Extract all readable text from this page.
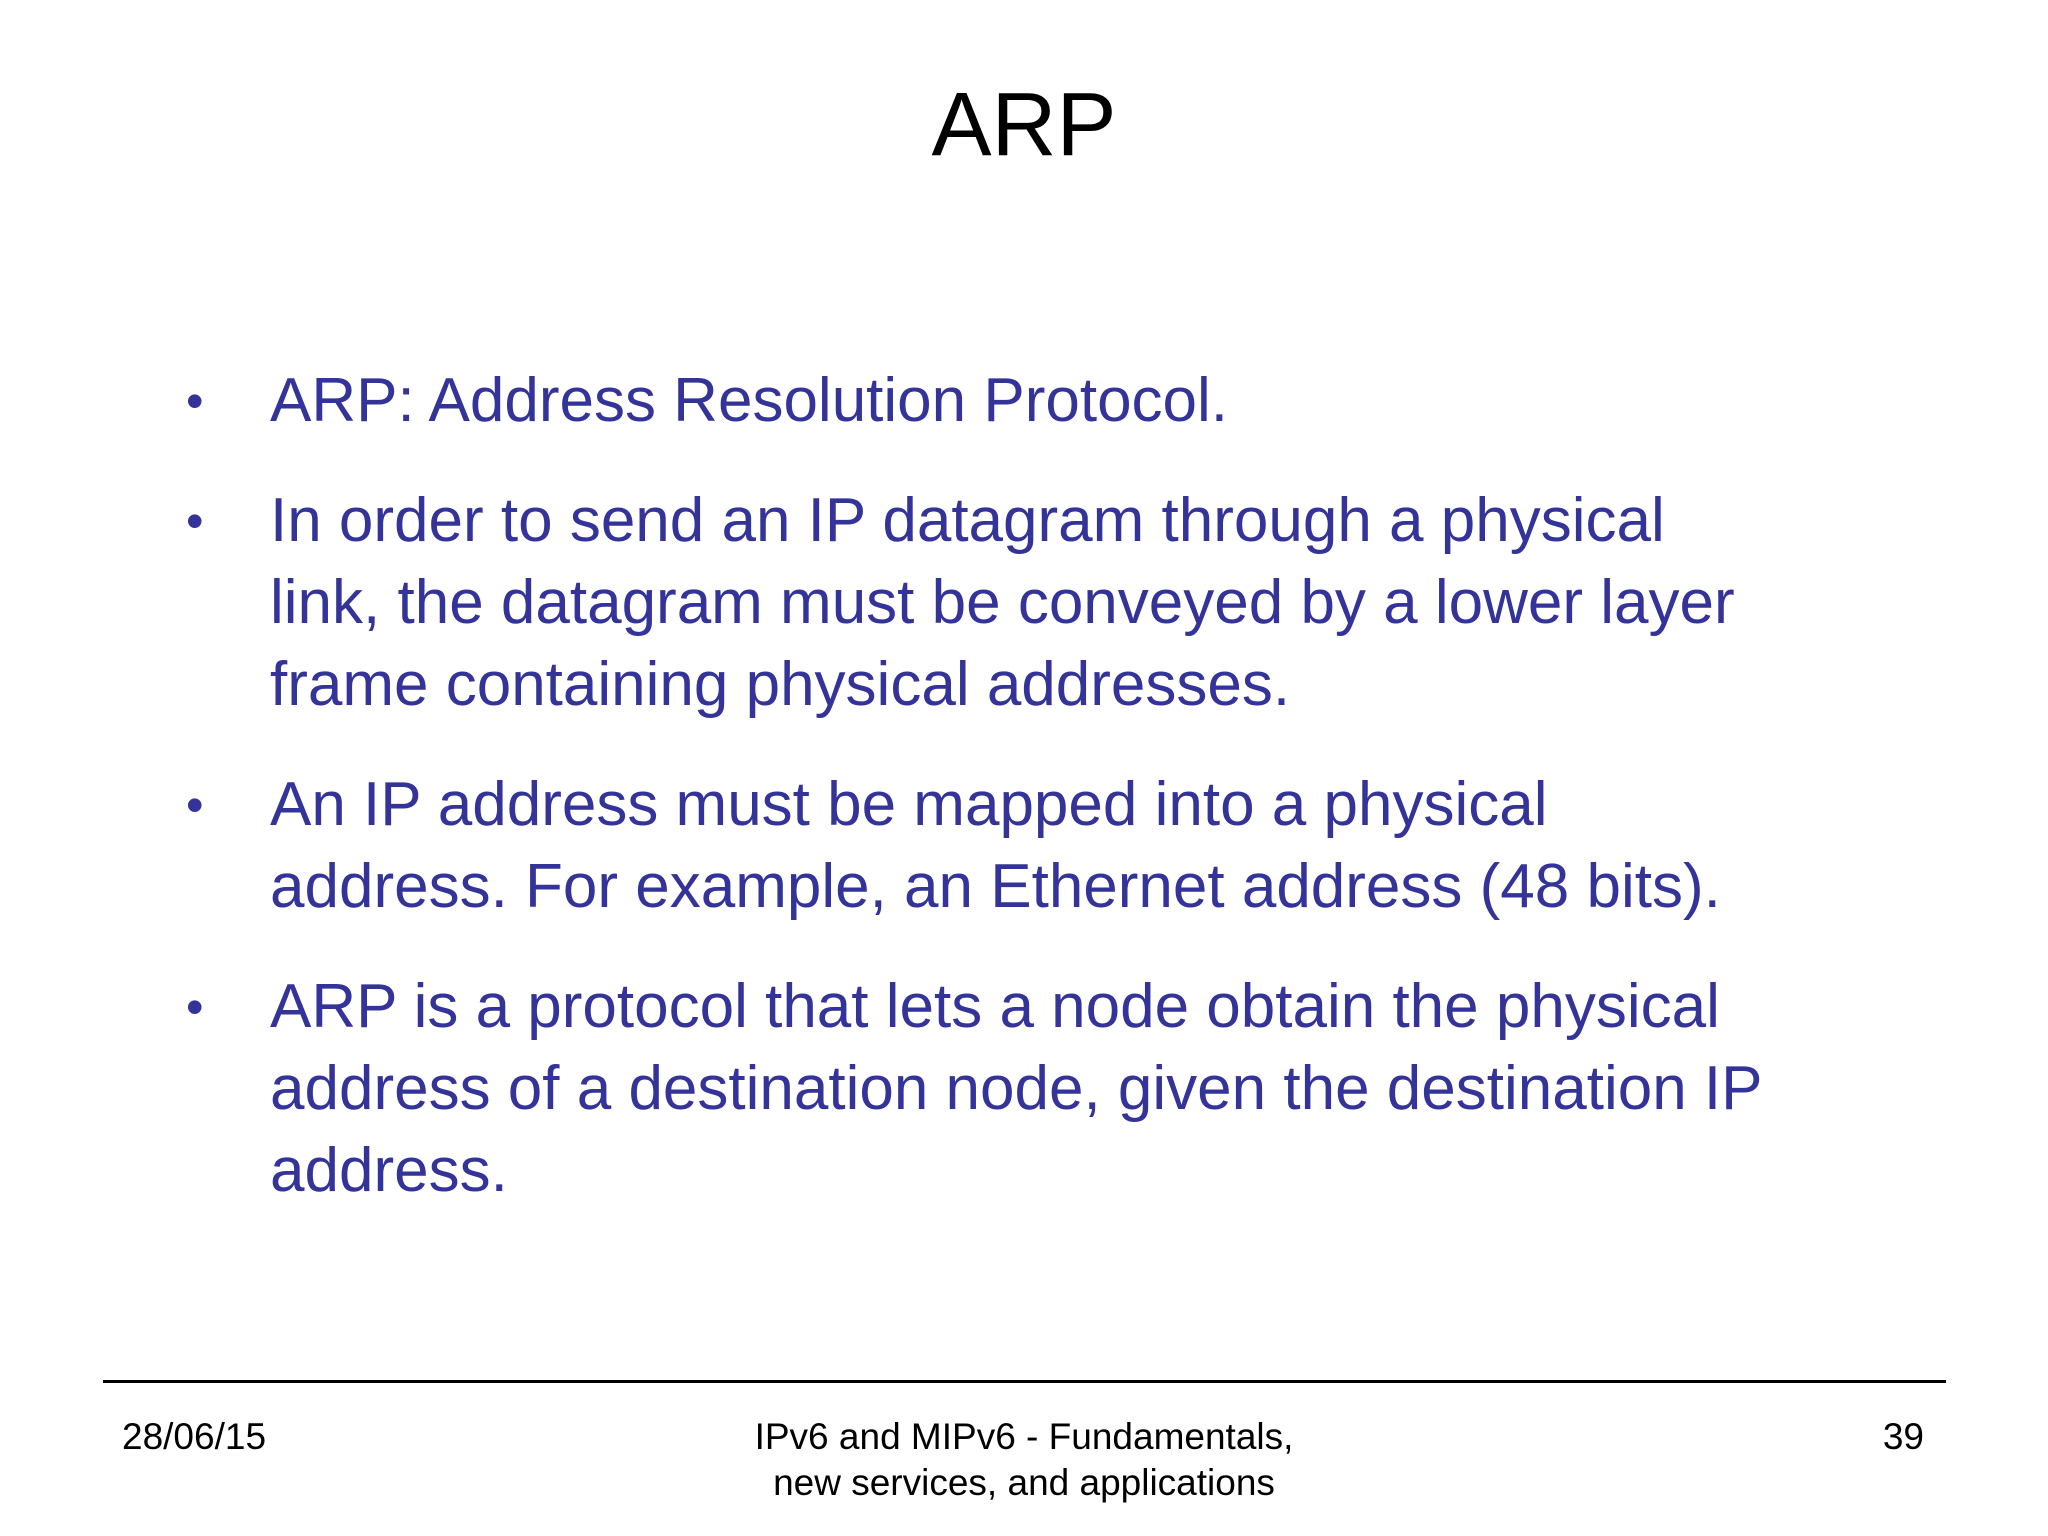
ARP
• ARP: Address Resolution Protocol.
• In order to send an IP datagram through a physical
link, the datagram must be conveyed by a lower layer
frame containing physical addresses.
• An IP address must be mapped into a physical
address. For example, an Ethernet address (48 bits).
• ARP is a protocol that lets a node obtain the physical
address of a destination node, given the destination IP
address.
28/06/15	IPv6 and MIPv6 - Fundamentals,
new services, and applications
39
